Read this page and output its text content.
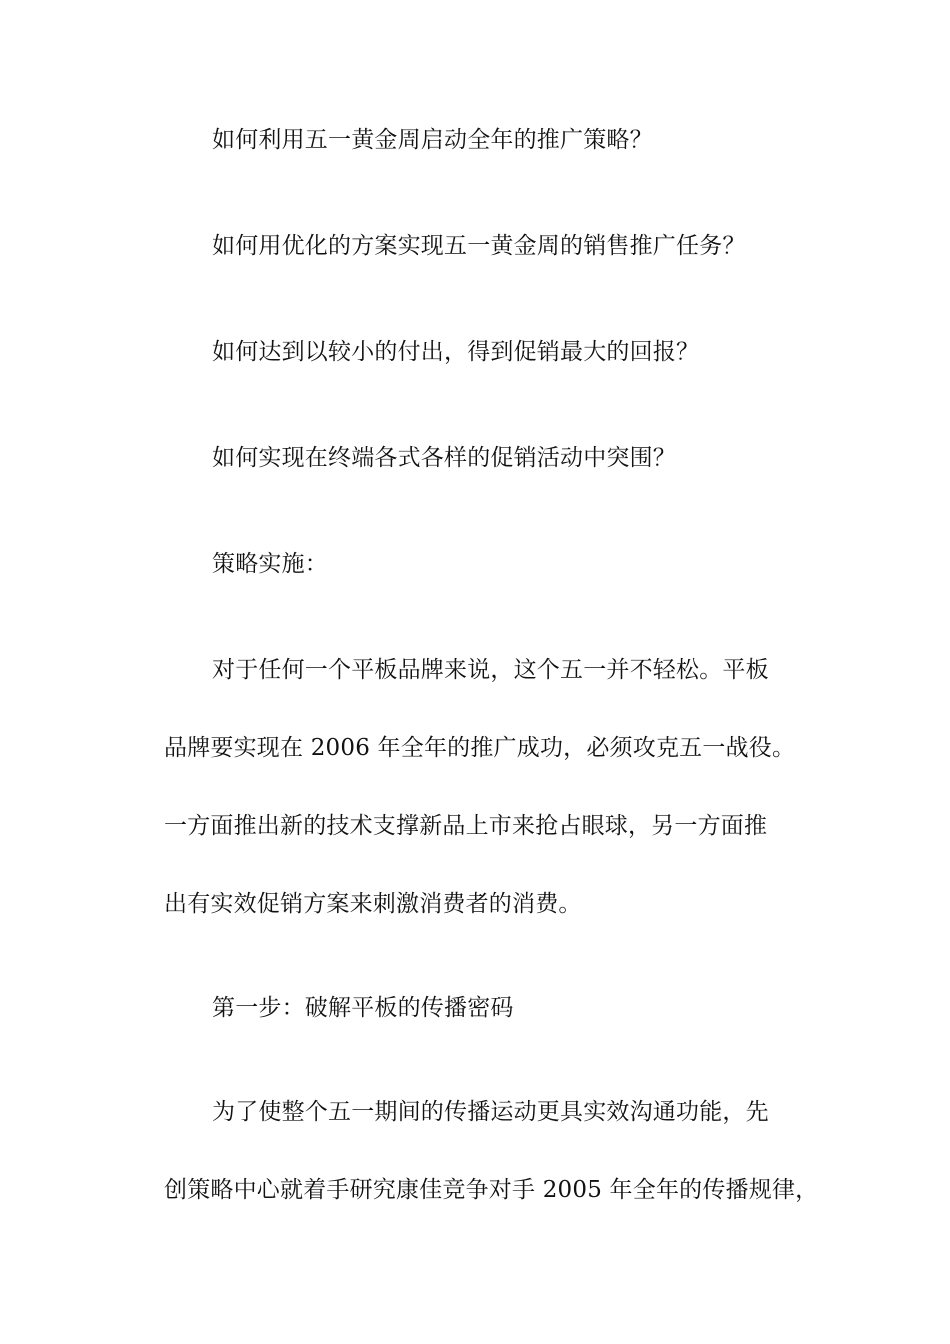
如何利用五一黄金周启动全年的推广策略？
如何用优化的方案实现五一黄金周的销售推广任务？
如何达到以较小的付出，得到促销最大的回报？
如何实现在终端各式各样的促销活动中突围？
策略实施：
对于任何一个平板品牌来说，这个五一并不轻松。平板
品牌要实现在 2006 年全年的推广成功，必须攻克五一战役。
一方面推出新的技术支撑新品上市来抢占眼球，另一方面推
出有实效促销方案来刺激消费者的消费。
第一步：破解平板的传播密码
为了使整个五一期间的传播运动更具实效沟通功能，先
创策略中心就着手研究康佳竞争对手 2005 年全年的传播规律，
